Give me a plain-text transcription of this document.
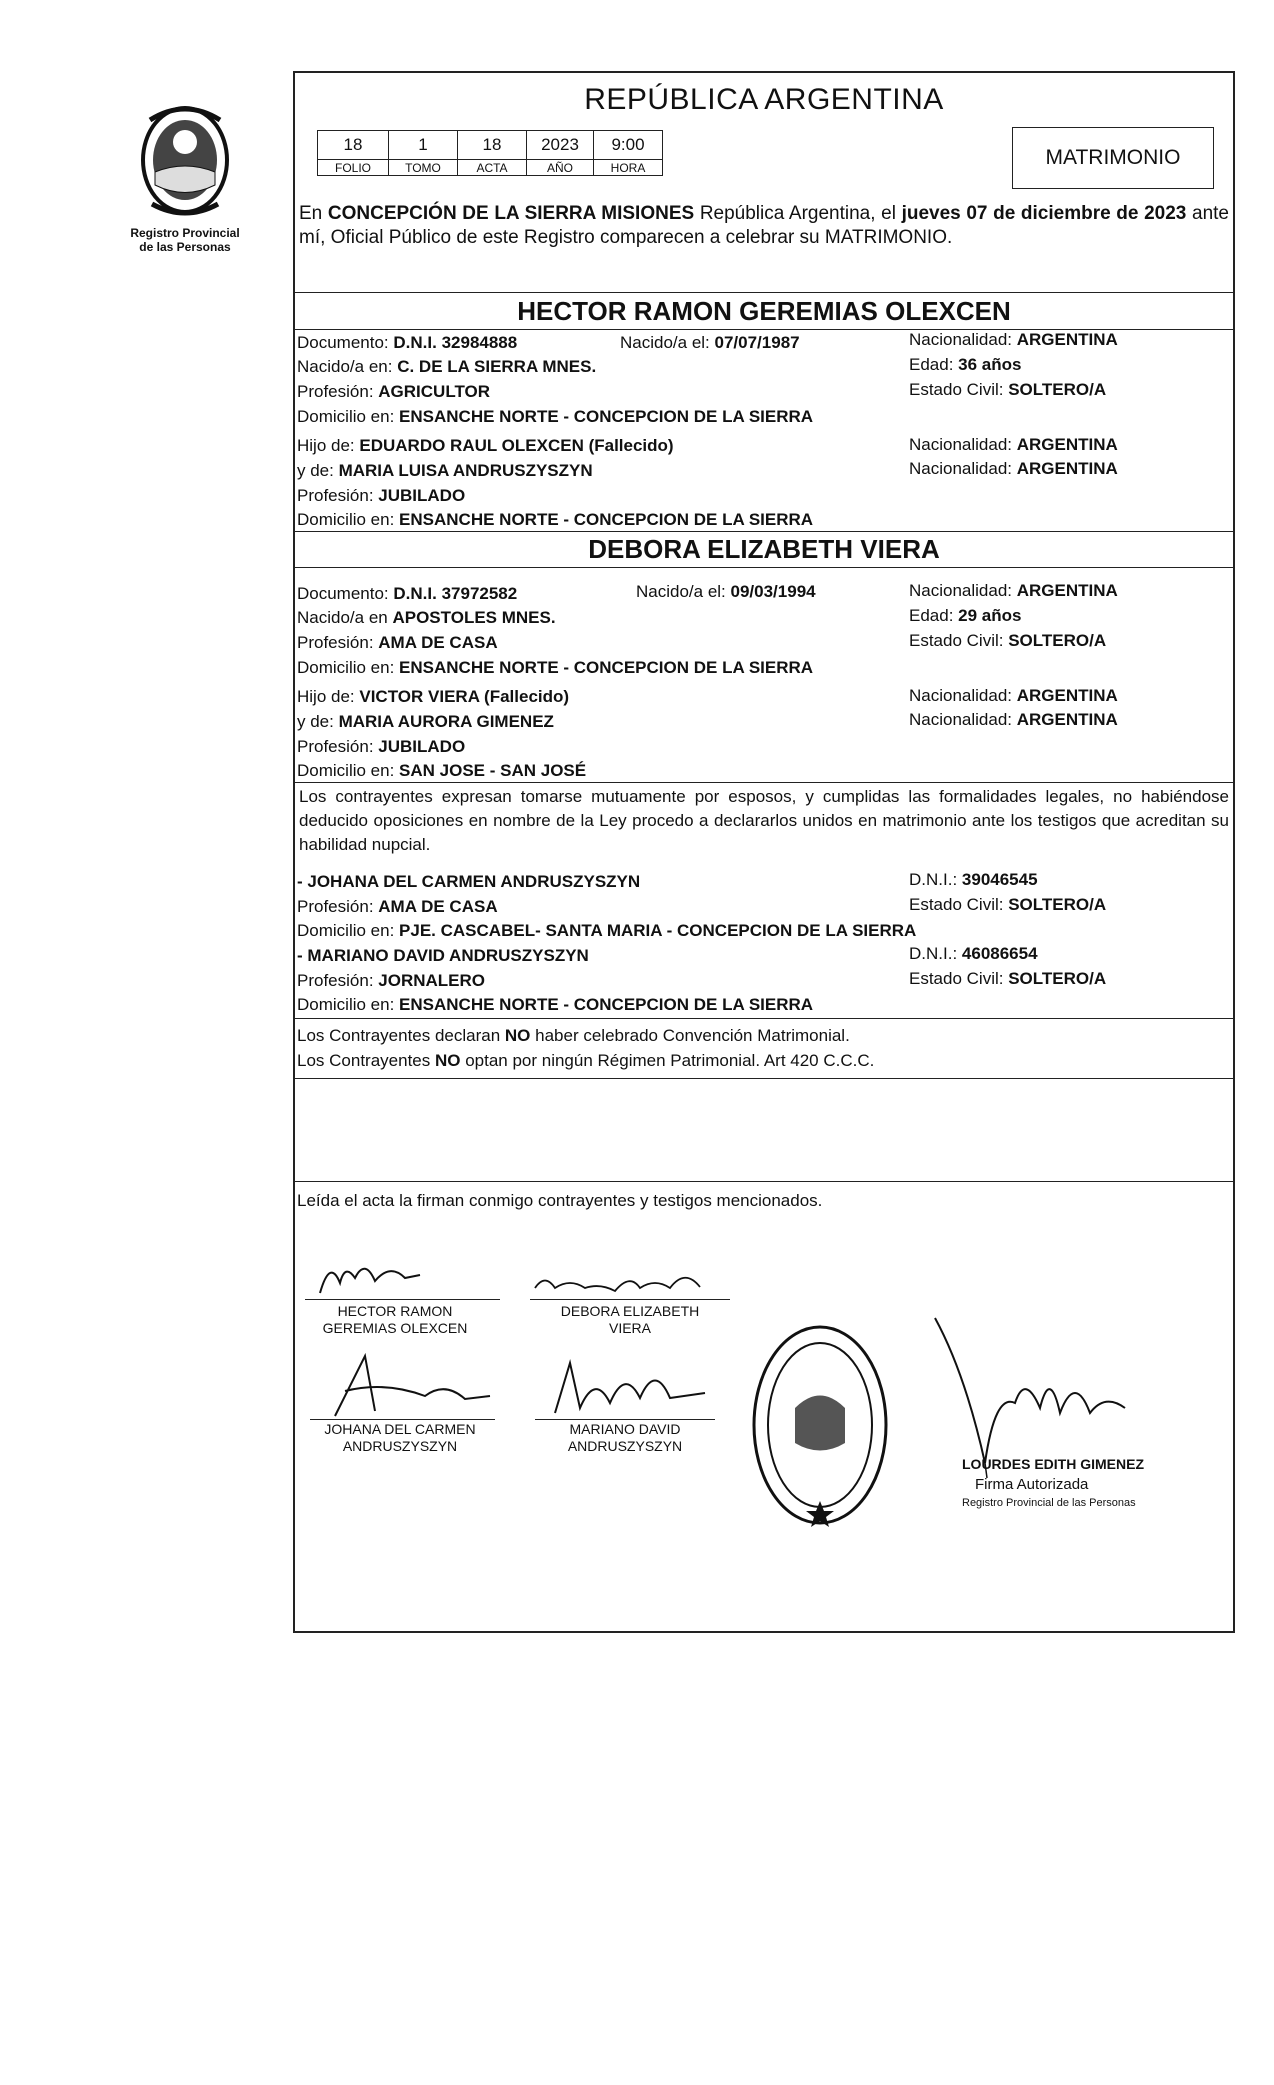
Registro Provincial
de las Personas
REPÚBLICA ARGENTINA
18	1	18	2023	9:00
FOLIO	TOMO	ACTA	AÑO	HORA	MATRIMONIO
En CONCEPCIÓN DE LA SIERRA MISIONES República Argentina, el jueves 07 de diciembre de 2023 ante mí, Oficial Público de este Registro comparecen a celebrar su MATRIMONIO.
HECTOR RAMON GEREMIAS OLEXCEN
Documento: D.N.I. 32984888	Nacido/a el: 07/07/1987	Nacionalidad: ARGENTINA
Nacido/a en: C. DE LA SIERRA MNES.	Edad: 36 años
Profesión: AGRICULTOR	Estado Civil: SOLTERO/A
Domicilio en: ENSANCHE NORTE - CONCEPCION DE LA SIERRA
Hijo de: EDUARDO RAUL OLEXCEN (Fallecido)	Nacionalidad: ARGENTINA
y de: MARIA LUISA ANDRUSZYSZYN	Nacionalidad: ARGENTINA
Profesión: JUBILADO
Domicilio en: ENSANCHE NORTE - CONCEPCION DE LA SIERRA
DEBORA ELIZABETH VIERA
Documento: D.N.I. 37972582	Nacido/a el: 09/03/1994	Nacionalidad: ARGENTINA
Nacido/a en APOSTOLES MNES.	Edad: 29 años
Profesión: AMA DE CASA	Estado Civil: SOLTERO/A
Domicilio en: ENSANCHE NORTE - CONCEPCION DE LA SIERRA
Hijo de: VICTOR VIERA (Fallecido)	Nacionalidad: ARGENTINA
y de: MARIA AURORA GIMENEZ	Nacionalidad: ARGENTINA
Profesión: JUBILADO
Domicilio en: SAN JOSE - SAN JOSÉ
Los contrayentes expresan tomarse mutuamente por esposos, y cumplidas las formalidades legales, no habiéndose deducido oposiciones en nombre de la Ley procedo a declararlos unidos en matrimonio ante los testigos que acreditan su habilidad nupcial.
- JOHANA DEL CARMEN ANDRUSZYSZYN	D.N.I.: 39046545
Profesión: AMA DE CASA	Estado Civil: SOLTERO/A
Domicilio en: PJE. CASCABEL- SANTA MARIA - CONCEPCION DE LA SIERRA
- MARIANO DAVID ANDRUSZYSZYN	D.N.I.: 46086654
Profesión: JORNALERO	Estado Civil: SOLTERO/A
Domicilio en: ENSANCHE NORTE - CONCEPCION DE LA SIERRA
Los Contrayentes declaran NO haber celebrado Convención Matrimonial.
Los Contrayentes NO optan por ningún Régimen Patrimonial. Art 420 C.C.C.
Leída el acta la firman conmigo contrayentes y testigos mencionados.
HECTOR RAMON
GEREMIAS OLEXCEN
DEBORA ELIZABETH
VIERA
JOHANA DEL CARMEN
ANDRUSZYSZYN
MARIANO DAVID
ANDRUSZYSZYN
LOURDES EDITH GIMENEZ
Firma Autorizada
Registro Provincial de las Personas
